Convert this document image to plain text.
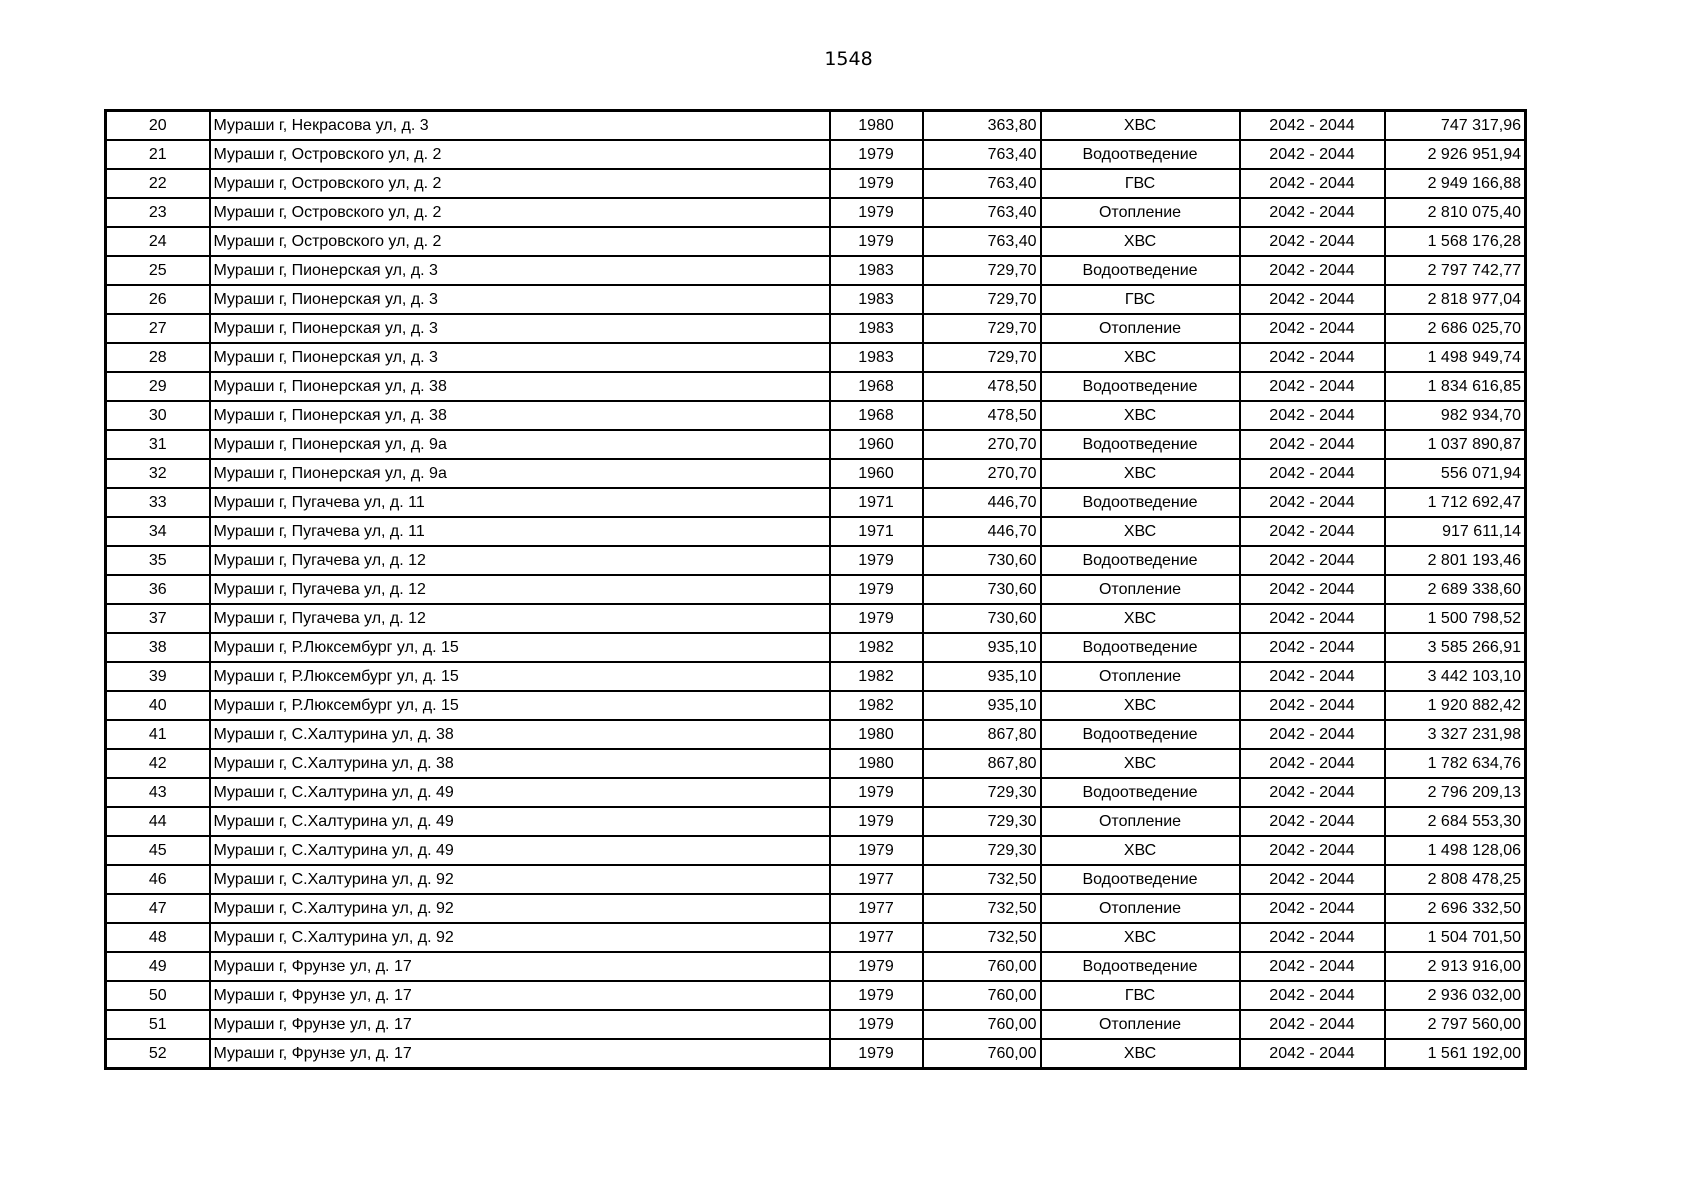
1548
20	Мураши г, Некрасова ул, д. 3	1980	363,80	ХВС	2042 - 2044	747 317,96
21	Мураши г, Островского ул, д. 2	1979	763,40	Водоотведение	2042 - 2044	2 926 951,94
22	Мураши г, Островского ул, д. 2	1979	763,40	ГВС	2042 - 2044	2 949 166,88
23	Мураши г, Островского ул, д. 2	1979	763,40	Отопление	2042 - 2044	2 810 075,40
24	Мураши г, Островского ул, д. 2	1979	763,40	ХВС	2042 - 2044	1 568 176,28
25	Мураши г, Пионерская ул, д. 3	1983	729,70	Водоотведение	2042 - 2044	2 797 742,77
26	Мураши г, Пионерская ул, д. 3	1983	729,70	ГВС	2042 - 2044	2 818 977,04
27	Мураши г, Пионерская ул, д. 3	1983	729,70	Отопление	2042 - 2044	2 686 025,70
28	Мураши г, Пионерская ул, д. 3	1983	729,70	ХВС	2042 - 2044	1 498 949,74
29	Мураши г, Пионерская ул, д. 38	1968	478,50	Водоотведение	2042 - 2044	1 834 616,85
30	Мураши г, Пионерская ул, д. 38	1968	478,50	ХВС	2042 - 2044	982 934,70
31	Мураши г, Пионерская ул, д. 9а	1960	270,70	Водоотведение	2042 - 2044	1 037 890,87
32	Мураши г, Пионерская ул, д. 9а	1960	270,70	ХВС	2042 - 2044	556 071,94
33	Мураши г, Пугачева ул, д. 11	1971	446,70	Водоотведение	2042 - 2044	1 712 692,47
34	Мураши г, Пугачева ул, д. 11	1971	446,70	ХВС	2042 - 2044	917 611,14
35	Мураши г, Пугачева ул, д. 12	1979	730,60	Водоотведение	2042 - 2044	2 801 193,46
36	Мураши г, Пугачева ул, д. 12	1979	730,60	Отопление	2042 - 2044	2 689 338,60
37	Мураши г, Пугачева ул, д. 12	1979	730,60	ХВС	2042 - 2044	1 500 798,52
38	Мураши г, Р.Люксембург ул, д. 15	1982	935,10	Водоотведение	2042 - 2044	3 585 266,91
39	Мураши г, Р.Люксембург ул, д. 15	1982	935,10	Отопление	2042 - 2044	3 442 103,10
40	Мураши г, Р.Люксембург ул, д. 15	1982	935,10	ХВС	2042 - 2044	1 920 882,42
41	Мураши г, С.Халтурина ул, д. 38	1980	867,80	Водоотведение	2042 - 2044	3 327 231,98
42	Мураши г, С.Халтурина ул, д. 38	1980	867,80	ХВС	2042 - 2044	1 782 634,76
43	Мураши г, С.Халтурина ул, д. 49	1979	729,30	Водоотведение	2042 - 2044	2 796 209,13
44	Мураши г, С.Халтурина ул, д. 49	1979	729,30	Отопление	2042 - 2044	2 684 553,30
45	Мураши г, С.Халтурина ул, д. 49	1979	729,30	ХВС	2042 - 2044	1 498 128,06
46	Мураши г, С.Халтурина ул, д. 92	1977	732,50	Водоотведение	2042 - 2044	2 808 478,25
47	Мураши г, С.Халтурина ул, д. 92	1977	732,50	Отопление	2042 - 2044	2 696 332,50
48	Мураши г, С.Халтурина ул, д. 92	1977	732,50	ХВС	2042 - 2044	1 504 701,50
49	Мураши г, Фрунзе ул, д. 17	1979	760,00	Водоотведение	2042 - 2044	2 913 916,00
50	Мураши г, Фрунзе ул, д. 17	1979	760,00	ГВС	2042 - 2044	2 936 032,00
51	Мураши г, Фрунзе ул, д. 17	1979	760,00	Отопление	2042 - 2044	2 797 560,00
52	Мураши г, Фрунзе ул, д. 17	1979	760,00	ХВС	2042 - 2044	1 561 192,00
